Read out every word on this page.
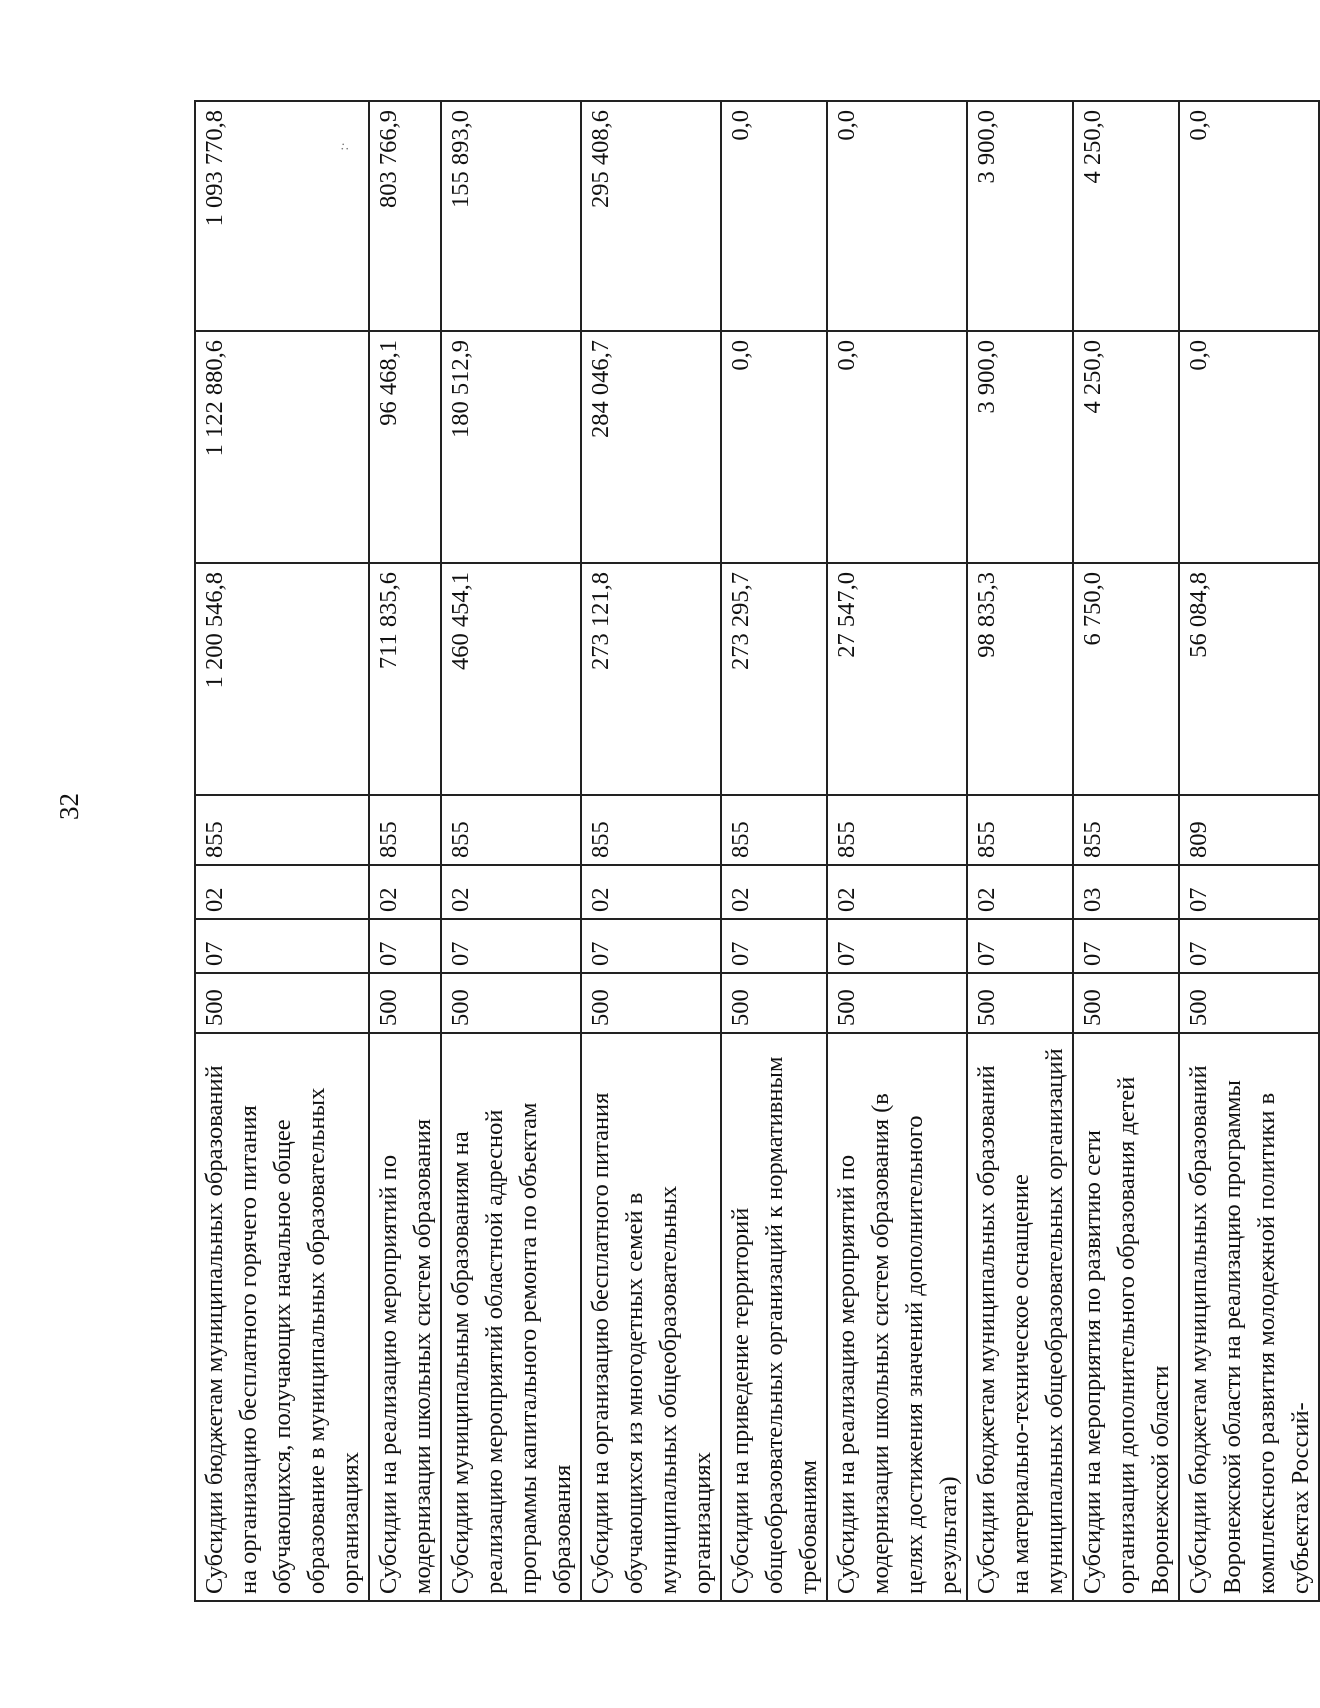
32
Субсидии бюджетам муниципальных образований на организацию бесплатного горячего питания обучающихся, получающих начальное общее образование в муниципальных образовательных организациях	500	07	02	855	1 200 546,8	1 122 880,6	1 093 770,8 :·

Субсидии на реализацию мероприятий по модернизации школьных систем образования	500	07	02	855	711 835,6	96 468,1	803 766,9
Субсидии муниципальным образованиям на реализацию мероприятий областной адресной программы капитального ремонта по объектам образования	500	07	02	855	460 454,1	180 512,9	155 893,0
Субсидии на организацию бесплатного питания обучающихся из многодетных семей в муниципальных общеобразовательных организациях	500	07	02	855	273 121,8	284 046,7	295 408,6
Субсидии на приведение территорий общеобразовательных организаций к нормативным требованиям	500	07	02	855	273 295,7	0,0	0,0
Субсидии на реализацию мероприятий по модернизации школьных систем образования (в целях достижения значений дополнительного результата)	500	07	02	855	27 547,0	0,0	0,0
Субсидии бюджетам муниципальных образований на материально-техническое оснащение муниципальных общеобразовательных организаций	500	07	02	855	98 835,3	3 900,0	3 900,0
Субсидии на мероприятия по развитию сети организации дополнительного образования детей Воронежской области	500	07	03	855	6 750,0	4 250,0	4 250,0
Субсидии бюджетам муниципальных образований Воронежской области на реализацию программы комплексного развития молодежной политики в субъектах Россий-	500	07	07	809	56 084,8	0,0	0,0
